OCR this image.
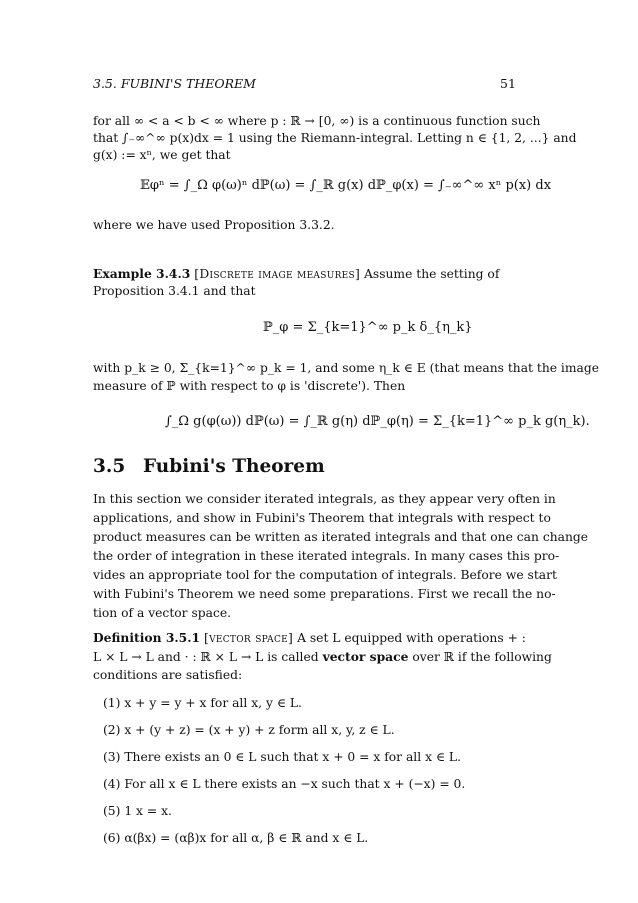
3.5. FUBINI'S THEOREM	51
for all ∞ < a < b < ∞ where p : ℝ → [0, ∞) is a continuous function such
that ∫₋∞^∞ p(x)dx = 1 using the Riemann-integral. Letting n ∈ {1, 2, ...} and
g(x) := xⁿ, we get that
𝔼φⁿ = ∫_Ω φ(ω)ⁿ dℙ(ω) = ∫_ℝ g(x) dℙ_φ(x) = ∫₋∞^∞ xⁿ p(x) dx
where we have used Proposition 3.3.2.
Example 3.4.3 [Discrete image measures] Assume the setting of
Proposition 3.4.1 and that
ℙ_φ = Σ_{k=1}^∞ p_k δ_{η_k}
with p_k ≥ 0, Σ_{k=1}^∞ p_k = 1, and some η_k ∈ E (that means that the image
measure of ℙ with respect to φ is 'discrete'). Then
∫_Ω g(φ(ω)) dℙ(ω) = ∫_ℝ g(η) dℙ_φ(η) = Σ_{k=1}^∞ p_k g(η_k).
3.5 Fubini's Theorem
In this section we consider iterated integrals, as they appear very often in
applications, and show in Fubini's Theorem that integrals with respect to
product measures can be written as iterated integrals and that one can change
the order of integration in these iterated integrals. In many cases this pro-
vides an appropriate tool for the computation of integrals. Before we start
with Fubini's Theorem we need some preparations. First we recall the no-
tion of a vector space.
Definition 3.5.1 [vector space] A set L equipped with operations + :
L × L → L and · : ℝ × L → L is called vector space over ℝ if the following
conditions are satisfied:
(1) x + y = y + x for all x, y ∈ L.
(2) x + (y + z) = (x + y) + z form all x, y, z ∈ L.
(3) There exists an 0 ∈ L such that x + 0 = x for all x ∈ L.
(4) For all x ∈ L there exists an −x such that x + (−x) = 0.
(5) 1 x = x.
(6) α(βx) = (αβ)x for all α, β ∈ ℝ and x ∈ L.
